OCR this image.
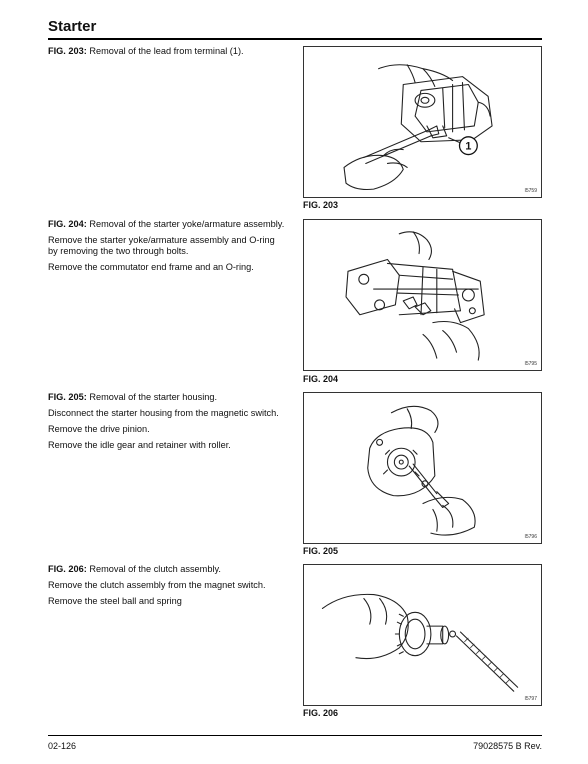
Starter

FIG. 203: Removal of the lead from terminal (1).

1
I5759
FIG. 203

FIG. 204: Removal of the starter yoke/armature assembly.

Remove the starter yoke/armature assembly and O-ring by removing the two through bolts.

Remove the commutator end frame and an O-ring.

I5795
FIG. 204

FIG. 205: Removal of the starter housing.

Disconnect the starter housing from the magnetic switch.

Remove the drive pinion.

Remove the idle gear and retainer with roller.

I5796
FIG. 205

FIG. 206: Removal of the clutch assembly.

Remove the clutch assembly from the magnet switch.

Remove the steel ball and spring

I5797
FIG. 206
02-126	79028575 B Rev.
